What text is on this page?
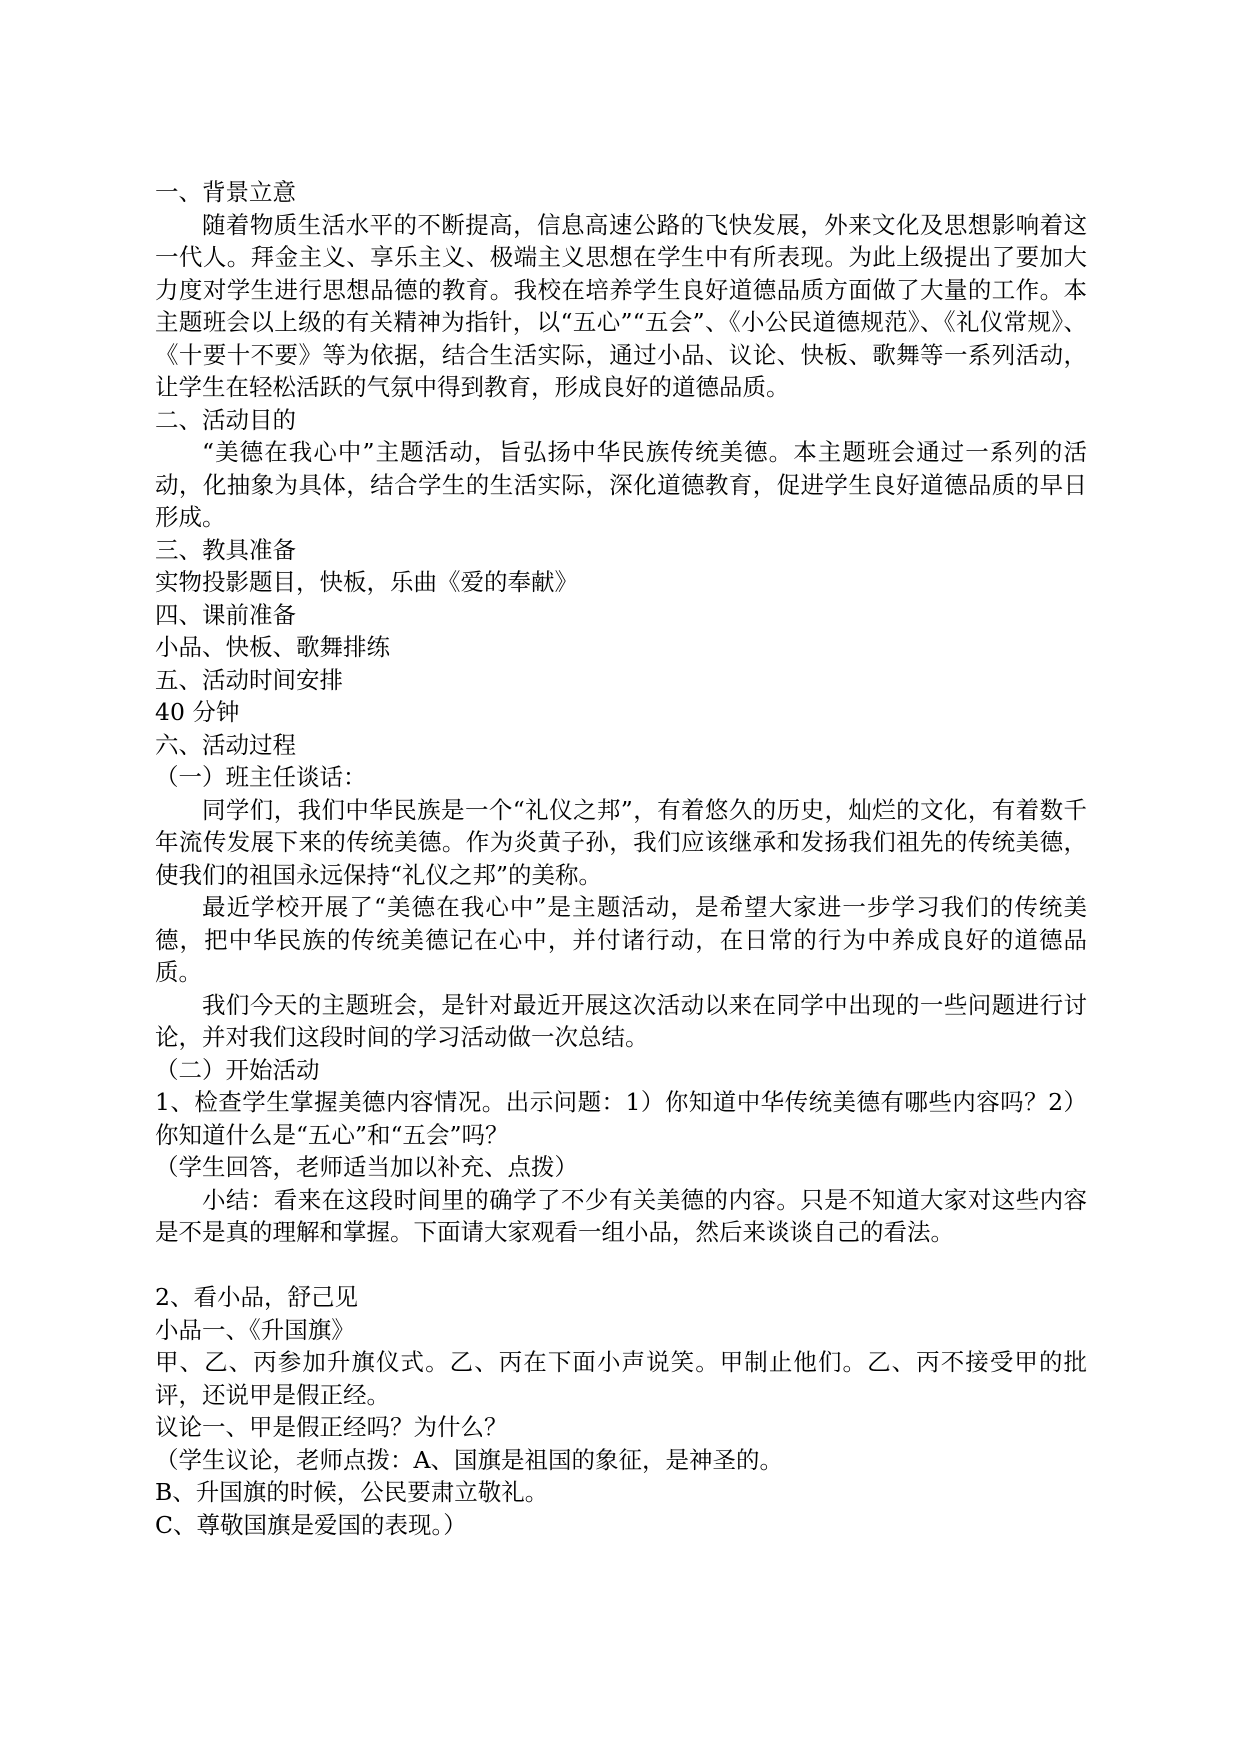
一、背景立意

随着物质生活水平的不断提高，信息高速公路的飞快发展，外来文化及思想影响着这一代人。拜金主义、享乐主义、极端主义思想在学生中有所表现。为此上级提出了要加大力度对学生进行思想品德的教育。我校在培养学生良好道德品质方面做了大量的工作。本主题班会以上级的有关精神为指针，以“五心”“五会”、《小公民道德规范》、《礼仪常规》、《十要十不要》等为依据，结合生活实际，通过小品、议论、快板、歌舞等一系列活动，让学生在轻松活跃的气氛中得到教育，形成良好的道德品质。

二、活动目的

“美德在我心中”主题活动，旨弘扬中华民族传统美德。本主题班会通过一系列的活动，化抽象为具体，结合学生的生活实际，深化道德教育，促进学生良好道德品质的早日形成。

三、教具准备

实物投影题目，快板，乐曲《爱的奉献》

四、课前准备

小品、快板、歌舞排练

五、活动时间安排

40 分钟

六、活动过程

（一）班主任谈话：

同学们，我们中华民族是一个“礼仪之邦”，有着悠久的历史，灿烂的文化，有着数千年流传发展下来的传统美德。作为炎黄子孙，我们应该继承和发扬我们祖先的传统美德，使我们的祖国永远保持“礼仪之邦”的美称。

最近学校开展了“美德在我心中”是主题活动，是希望大家进一步学习我们的传统美德，把中华民族的传统美德记在心中，并付诸行动，在日常的行为中养成良好的道德品质。

我们今天的主题班会，是针对最近开展这次活动以来在同学中出现的一些问题进行讨论，并对我们这段时间的学习活动做一次总结。

（二）开始活动

1、检查学生掌握美德内容情况。出示问题：1）你知道中华传统美德有哪些内容吗？2）你知道什么是“五心”和“五会”吗？

（学生回答，老师适当加以补充、点拨）

小结：看来在这段时间里的确学了不少有关美德的内容。只是不知道大家对这些内容是不是真的理解和掌握。下面请大家观看一组小品，然后来谈谈自己的看法。

2、看小品，舒己见

小品一、《升国旗》

甲、乙、丙参加升旗仪式。乙、丙在下面小声说笑。甲制止他们。乙、丙不接受甲的批评，还说甲是假正经。

议论一、甲是假正经吗？为什么？

（学生议论，老师点拨：A、国旗是祖国的象征，是神圣的。

B、升国旗的时候，公民要肃立敬礼。

C、尊敬国旗是爱国的表现。）
